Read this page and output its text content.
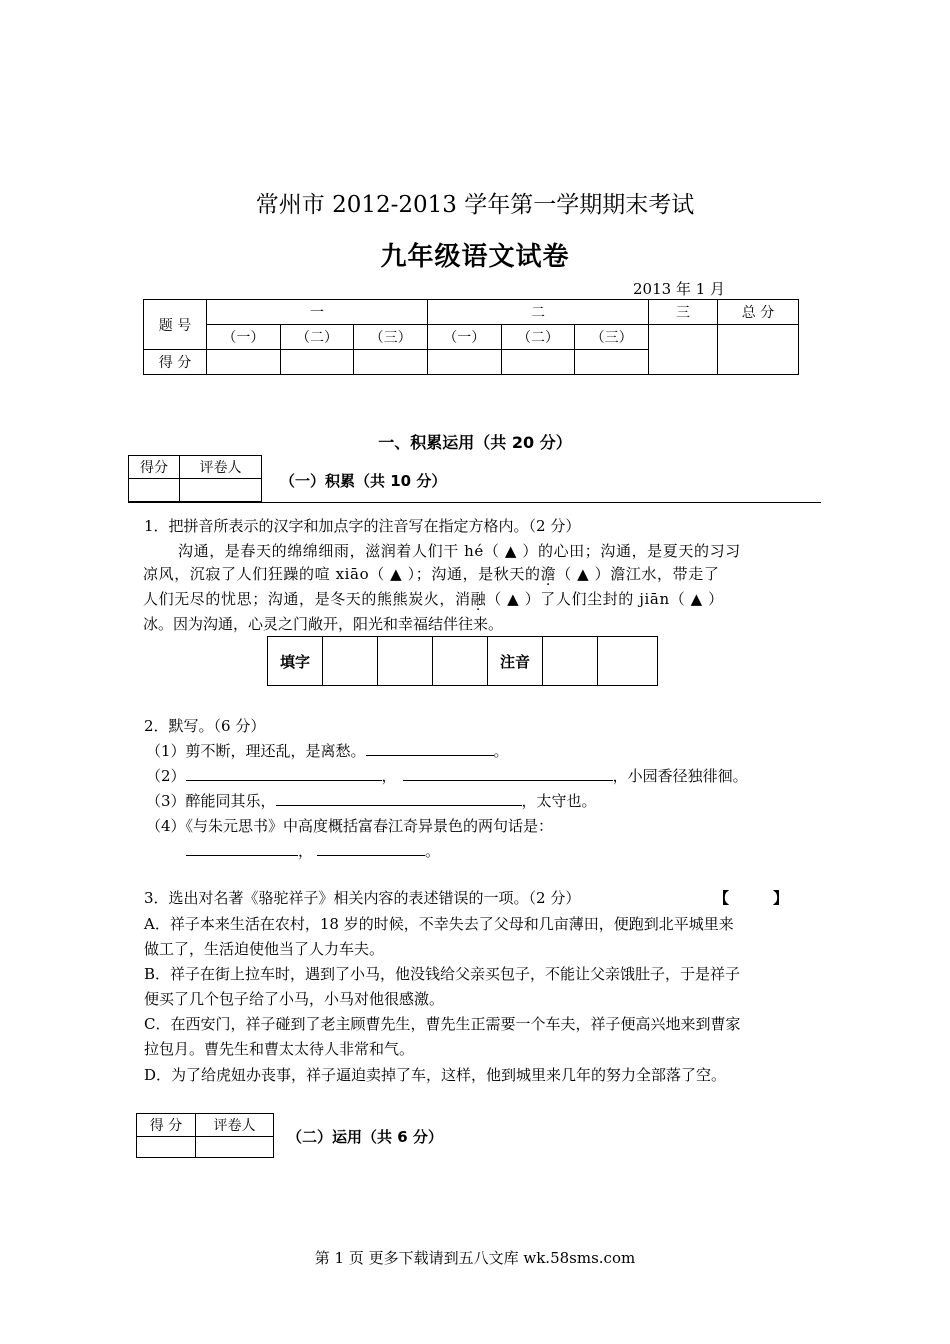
常州市 2012-2013 学年第一学期期末考试
九年级语文试卷
2013 年 1 月
题 号	一			二			三	总 分
	（一）	（二）	（三）	（一）	（二）	（三）		
得 分								
一、积累运用（共 20 分）
得分	评卷人

（一）积累（共 10 分）
1．把拼音所表示的汉字和加点字的注音写在指定方格内。（2 分）
沟通，是春天的绵绵细雨，滋润着人们干 hé（ ▲ ）的心田；沟通，是夏天的习习
凉风，沉寂了人们狂躁的喧 xiāo（ ▲ ）；沟通，是秋天的澹（ ▲ ）澹江水，带走了
人们无尽的忧思；沟通，是冬天的熊熊炭火，消融（ ▲ ）了人们尘封的 jiān（ ▲ ）
冰。因为沟通，心灵之门敞开，阳光和幸福结伴往来。
填字				注音		
2．默写。（6 分）
（1）剪不断，理还乱，是离愁。	。
（2）	，	，小园香径独徘徊。
（3）醉能同其乐，	，太守也。
（4）《与朱元思书》中高度概括富春江奇异景色的两句话是：
，	。
3．选出对名著《骆驼祥子》相关内容的表述错误的一项。（2 分）	【	】
A．祥子本来生活在农村，18 岁的时候，不幸失去了父母和几亩薄田，便跑到北平城里来
做工了，生活迫使他当了人力车夫。
B．祥子在街上拉车时，遇到了小马，他没钱给父亲买包子，不能让父亲饿肚子，于是祥子
便买了几个包子给了小马，小马对他很感激。
C．在西安门，祥子碰到了老主顾曹先生，曹先生正需要一个车夫，祥子便高兴地来到曹家
拉包月。曹先生和曹太太待人非常和气。
D．为了给虎妞办丧事，祥子逼迫卖掉了车，这样，他到城里来几年的努力全部落了空。
得 分	评卷人

（二）运用（共 6 分）
第 1 页 更多下载请到五八文库 wk.58sms.com
